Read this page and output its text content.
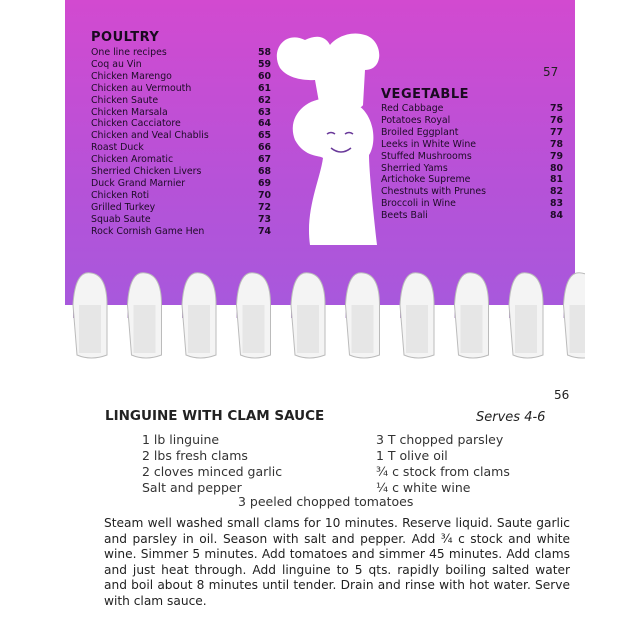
POULTRY
One line recipes	58
Coq au Vin	59
Chicken Marengo	60
Chicken au Vermouth	61
Chicken Saute	62
Chicken Marsala	63
Chicken Cacciatore	64
Chicken and Veal Chablis	65
Roast Duck	66
Chicken Aromatic	67
Sherried Chicken Livers	68
Duck Grand Marnier	69
Chicken Roti	70
Grilled Turkey	72
Squab Saute	73
Rock Cornish Game Hen	74
57
VEGETABLE
Red Cabbage	75
Potatoes Royal	76
Broiled Eggplant	77
Leeks in White Wine	78
Stuffed Mushrooms	79
Sherried Yams	80
Artichoke Supreme	81
Chestnuts with Prunes	82
Broccoli in Wine	83
Beets Bali	84
56
LINGUINE WITH CLAM SAUCE	Serves 4-6
1 lb linguine
2 lbs fresh clams
2 cloves minced garlic
Salt and pepper
3 T chopped parsley
1 T olive oil
¾ c stock from clams
¼ c white wine
3 peeled chopped tomatoes
Steam well washed small clams for 10 minutes. Reserve liquid. Saute garlic and parsley in oil. Season with salt and pepper. Add ¾ c stock and white wine. Simmer 5 minutes. Add tomatoes and simmer 45 minutes. Add clams and just heat through. Add linguine to 5 qts. rapidly boiling salted water and boil about 8 minutes until tender. Drain and rinse with hot water. Serve with clam sauce.
